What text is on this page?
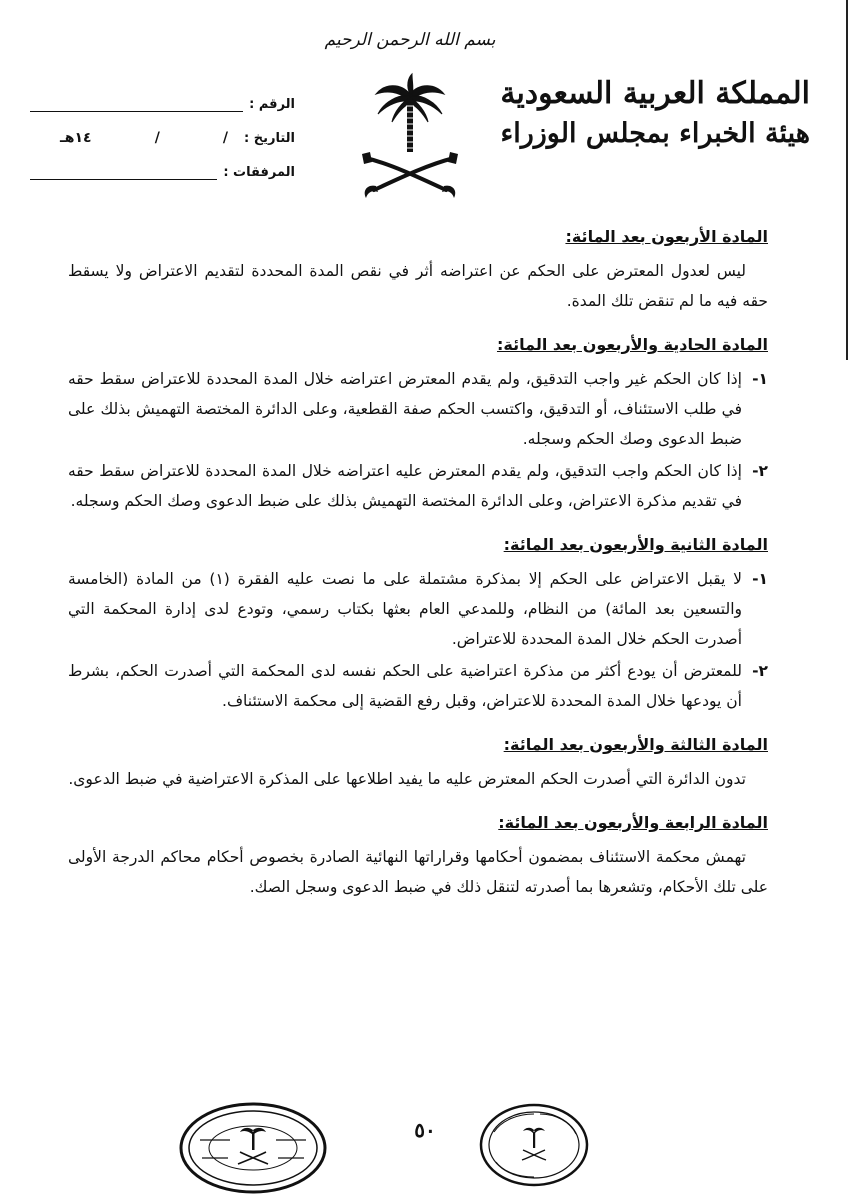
بسم الله الرحمن الرحيم
المملكة العربية السعودية
هيئة الخبراء بمجلس الوزراء
الرقم :
التاريخ :
/
/
١٤هـ
المرفقات :
المادة الأربعون بعد المائة:

ليس لعدول المعترض على الحكم عن اعتراضه أثر في نقص المدة المحددة لتقديم الاعتراض ولا يسقط حقه فيه ما لم تنقض تلك المدة.

المادة الحادية والأربعون بعد المائة:
١-
إذا كان الحكم غير واجب التدقيق، ولم يقدم المعترض اعتراضه خلال المدة المحددة للاعتراض سقط حقه في طلب الاستئناف، أو التدقيق، واكتسب الحكم صفة القطعية، وعلى الدائرة المختصة التهميش بذلك على ضبط الدعوى وصك الحكم وسجله.
٢-
إذا كان الحكم واجب التدقيق، ولم يقدم المعترض عليه اعتراضه خلال المدة المحددة للاعتراض سقط حقه في تقديم مذكرة الاعتراض، وعلى الدائرة المختصة التهميش بذلك على ضبط الدعوى وصك الحكم وسجله.
المادة الثانية والأربعون بعد المائة:
١-
لا يقبل الاعتراض على الحكم إلا بمذكرة مشتملة على ما نصت عليه الفقرة (١) من المادة (الخامسة والتسعين بعد المائة) من النظام، وللمدعي العام بعثها بكتاب رسمي، وتودع لدى إدارة المحكمة التي أصدرت الحكم خلال المدة المحددة للاعتراض.
٢-
للمعترض أن يودع أكثر من مذكرة اعتراضية على الحكم نفسه لدى المحكمة التي أصدرت الحكم، بشرط أن يودعها خلال المدة المحددة للاعتراض، وقبل رفع القضية إلى محكمة الاستئناف.
المادة الثالثة والأربعون بعد المائة:

تدون الدائرة التي أصدرت الحكم المعترض عليه ما يفيد اطلاعها على المذكرة الاعتراضية في ضبط الدعوى.

المادة الرابعة والأربعون بعد المائة:

تهمش محكمة الاستئناف بمضمون أحكامها وقراراتها النهائية الصادرة بخصوص أحكام محاكم الدرجة الأولى على تلك الأحكام، وتشعرها بما أصدرته لتنقل ذلك في ضبط الدعوى وسجل الصك.

٥٠
